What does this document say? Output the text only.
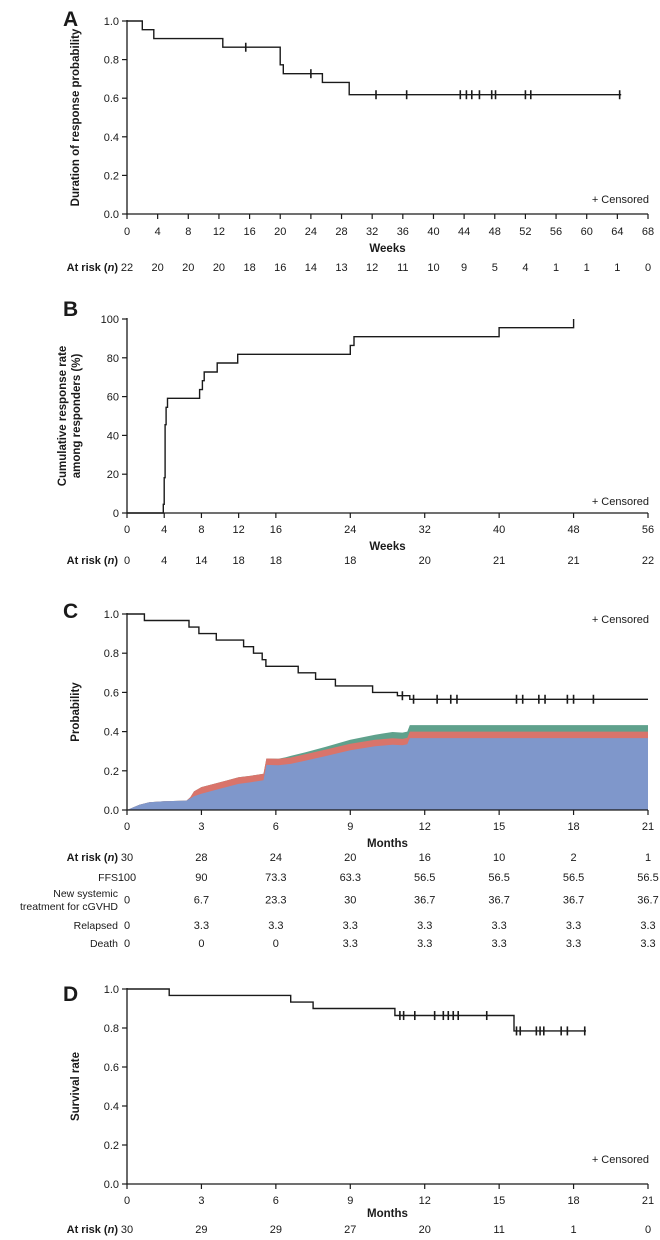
0.0
0.2
0.4
0.6
0.8
1.0
0 4 8 12 16 20 24 28 32 36 40 44 48 52 56 60 64 68
Weeks
Duration of response probability	+ Censored
A
At risk (n) 22 20 20 20 18 16 14 13 12 11 10 9 5 4 1 1 1 0
0
20
40
60
80
100
0	4	8	12 16	24	32	40	48	56
Weeks
Cumulative response rate among responders (%)
+ Censored
B
At risk (n) 0	4	14 18 18	18	20	21	21	22
0.0
0.2
0.4
0.6
0.8
1.0
0	3	6	9	12	15	18	21
Months
Probability
+ Censored
C
At risk (n) 30	28	24	20	16	10	2	1
FFS 100	90	73.3	63.3	56.5	56.5	56.5	56.5
New systemic
treatment for cGVHD
0	6.7	23.3	30	36.7	36.7	36.7	36.7
Relapsed 0	3.3	3.3	3.3	3.3	3.3	3.3	3.3
Death 0	0	0	3.3	3.3	3.3	3.3	3.3
0.0
0.2
0.4
0.6
0.8
1.0
0	3	6	9	12	15	18	21
Months
Survival rate
+ Censored
D
At risk (n) 30	29	29	27	20	11	1	0
